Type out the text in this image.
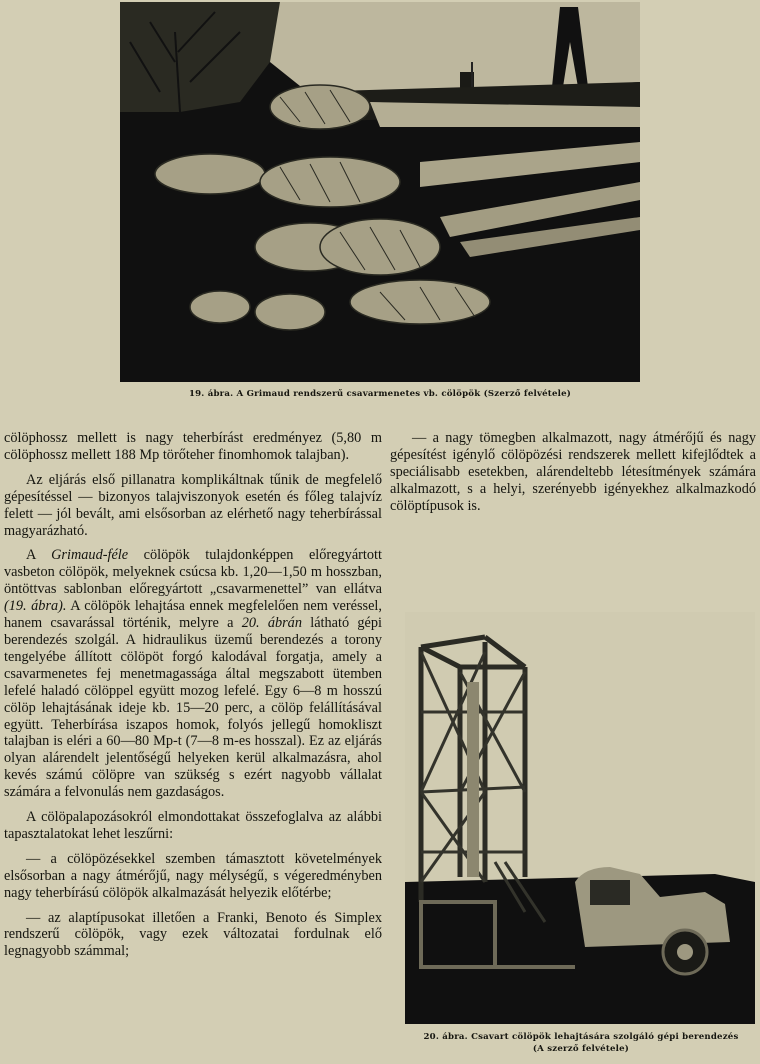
19. ábra. A Grimaud rendszerű csavarmenetes vb. cölöpök (Szerző felvétele)

cölöphossz mellett is nagy teherbírást eredményez (5,80 m cölöphossz mellett 188 Mp törőteher finomhomok talajban).

Az eljárás első pillanatra komplikáltnak tűnik de megfelelő gépesítéssel — bizonyos talajviszonyok esetén és főleg talajvíz felett — jól bevált, ami elsősorban az elérhető nagy teherbírással magyarázható.

A Grimaud-féle cölöpök tulajdonképpen előregyártott vasbeton cölöpök, melyeknek csúcsa kb. 1,20—1,50 m hosszban, öntöttvas sablonban előregyártott „csavarmenettel” van ellátva (19. ábra). A cölöpök lehajtása ennek megfelelően nem veréssel, hanem csavarással történik, melyre a 20. ábrán látható gépi berendezés szolgál. A hidraulikus üzemű berendezés a torony tengelyébe állított cölöpöt forgó kalodával forgatja, amely a csavarmenetes fej menetmagassága által megszabott ütemben lefelé haladó cölöppel együtt mozog lefelé. Egy 6—8 m hosszú cölöp lehajtásának ideje kb. 15—20 perc, a cölöp felállításával együtt. Teherbírása iszapos homok, folyós jellegű homokliszt talajban is eléri a 60—80 Mp-t (7—8 m-es hosszal). Ez az eljárás olyan alárendelt jelentőségű helyeken kerül alkalmazásra, ahol kevés számú cölöpre van szükség s ezért nagyobb vállalat számára a felvonulás nem gazdaságos.

A cölöpalapozásokról elmondottakat összefoglalva az alábbi tapasztalatokat lehet leszűrni:

— a cölöpözésekkel szemben támasztott követelmények elsősorban a nagy átmérőjű, nagy mélységű, s végeredményben nagy teherbírású cölöpök alkalmazását helyezik előtérbe;

— az alaptípusokat illetően a Franki, Benoto és Simplex rendszerű cölöpök, vagy ezek változatai fordulnak elő legnagyobb számmal;

— a nagy tömegben alkalmazott, nagy átmérőjű és nagy gépesítést igénylő cölöpözési rendszerek mellett kifejlődtek a speciálisabb esetekben, alárendeltebb létesítmények számára alkalmazott, s a helyi, szerényebb igényekhez alkalmazkodó cölöptípusok is.

20. ábra. Csavart cölöpök lehajtására szolgáló gépi berendezés
(A szerző felvétele)
